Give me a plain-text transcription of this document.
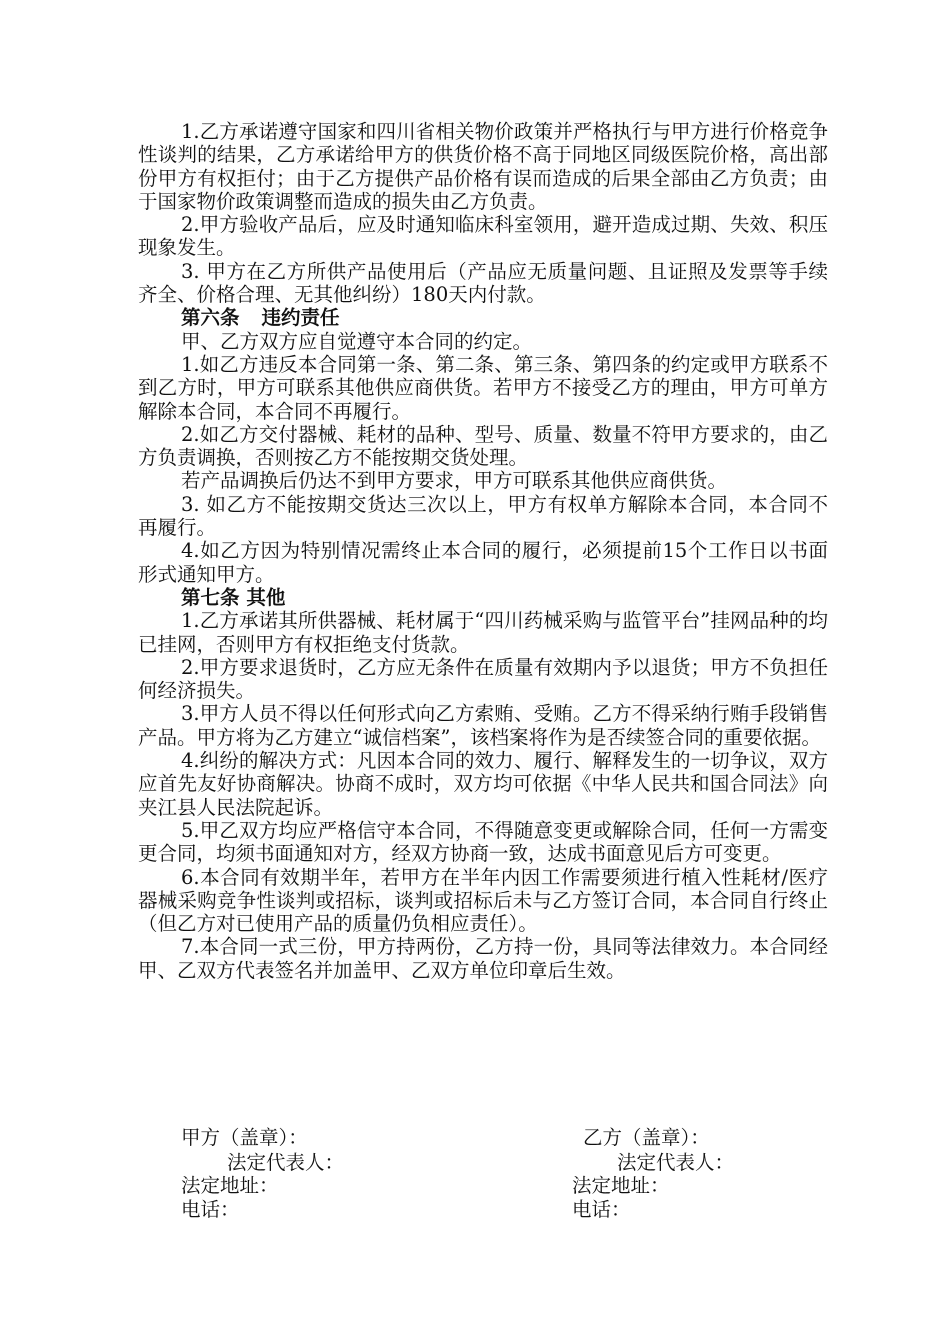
1.乙方承诺遵守国家和四川省相关物价政策并严格执行与甲方进行价格竞争性谈判的结果，乙方承诺给甲方的供货价格不高于同地区同级医院价格，高出部份甲方有权拒付；由于乙方提供产品价格有误而造成的后果全部由乙方负责；由于国家物价政策调整而造成的损失由乙方负责。

2.甲方验收产品后，应及时通知临床科室领用，避开造成过期、失效、积压现象发生。

3. 甲方在乙方所供产品使用后（产品应无质量问题、且证照及发票等手续齐全、价格合理、无其他纠纷）180天内付款。

第六条 违约责任

甲、乙方双方应自觉遵守本合同的约定。

1.如乙方违反本合同第一条、第二条、第三条、第四条的约定或甲方联系不到乙方时，甲方可联系其他供应商供货。若甲方不接受乙方的理由，甲方可单方解除本合同，本合同不再履行。

2.如乙方交付器械、耗材的品种、型号、质量、数量不符甲方要求的，由乙方负责调换，否则按乙方不能按期交货处理。

若产品调换后仍达不到甲方要求，甲方可联系其他供应商供货。

3. 如乙方不能按期交货达三次以上，甲方有权单方解除本合同，本合同不再履行。

4.如乙方因为特别情况需终止本合同的履行，必须提前15个工作日以书面形式通知甲方。

第七条 其他

1.乙方承诺其所供器械、耗材属于“四川药械采购与监管平台”挂网品种的均已挂网，否则甲方有权拒绝支付货款。

2.甲方要求退货时，乙方应无条件在质量有效期内予以退货；甲方不负担任何经济损失。

3.甲方人员不得以任何形式向乙方索贿、受贿。乙方不得采纳行贿手段销售产品。甲方将为乙方建立“诚信档案”，该档案将作为是否续签合同的重要依据。

4.纠纷的解决方式：凡因本合同的效力、履行、解释发生的一切争议，双方应首先友好协商解决。协商不成时，双方均可依据《中华人民共和国合同法》向夹江县人民法院起诉。

5.甲乙双方均应严格信守本合同，不得随意变更或解除合同，任何一方需变更合同，均须书面通知对方，经双方协商一致，达成书面意见后方可变更。

6.本合同有效期半年，若甲方在半年内因工作需要须进行植入性耗材/医疗器械采购竞争性谈判或招标，谈判或招标后未与乙方签订合同，本合同自行终止（但乙方对已使用产品的质量仍负相应责任）。

7.本合同一式三份，甲方持两份，乙方持一份，具同等法律效力。本合同经甲、乙双方代表签名并加盖甲、乙双方单位印章后生效。

甲方（盖章）：
法定代表人：
法定地址：
电话：
乙方（盖章）：
法定代表人：
法定地址：
电话：
